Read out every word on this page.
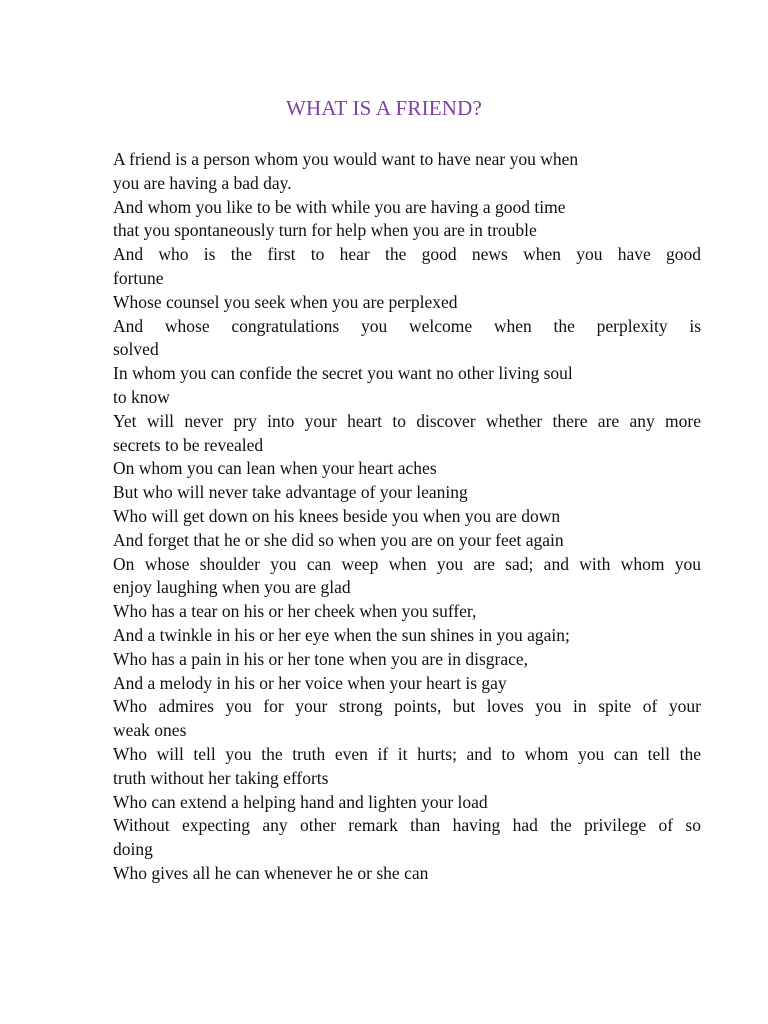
WHAT IS A FRIEND?
A friend is a person whom you would want to have near you when
you are having a bad day.
And whom you like to be with while you are having a good time
that you spontaneously turn for help when you are in trouble
And who is the first to hear the good news when you have good
fortune
Whose counsel you seek when you are perplexed
And whose congratulations you welcome when the perplexity is
solved
In whom you can confide the secret you want no other living soul
to know
Yet will never pry into your heart to discover whether there are any more
secrets to be revealed
On whom you can lean when your heart aches
But who will never take advantage of your leaning
Who will get down on his knees beside you when you are down
And forget that he or she did so when you are on your feet again
On whose shoulder you can weep when you are sad; and with whom you
enjoy laughing when you are glad
Who has a tear on his or her cheek when you suffer,
And a twinkle in his or her eye when the sun shines in you again;
Who has a pain in his or her tone when you are in disgrace,
And a melody in his or her voice when your heart is gay
Who admires you for your strong points, but loves you in spite of your
weak ones
Who will tell you the truth even if it hurts; and to whom you can tell the
truth without her taking efforts
Who can extend a helping hand and lighten your load
Without expecting any other remark than having had the privilege of so
doing
Who gives all he can whenever he or she can
